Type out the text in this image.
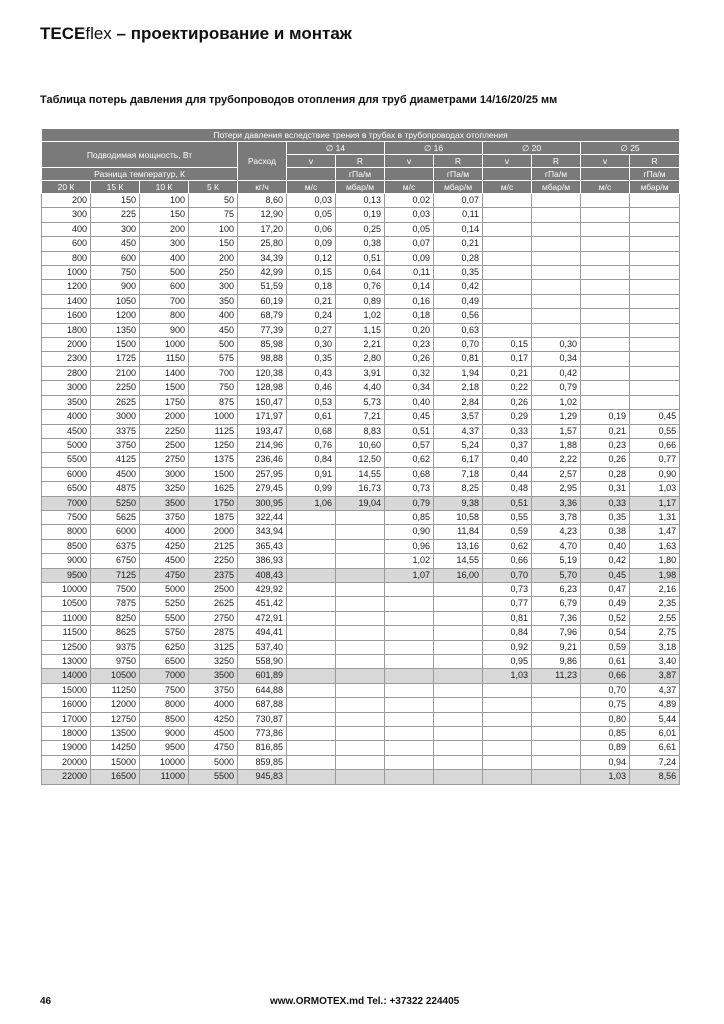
TECEflex – проектирование и монтаж
Таблица потерь давления для трубопроводов отопления для труб диаметрами 14/16/20/25 мм
Потери давления вследствие трения в трубах в трубопроводах отопления												
Подводимая мощность, Вт				Расход	∅ 14		∅ 16		∅ 20		∅ 25	
					v	R	v	R	v	R	v	R
Разница температур, К						гПа/м		гПа/м		гПа/м		гПа/м
20 К	15 К	10 К	5 К	кг/ч	м/с	мбар/м	м/с	мбар/м	м/с	мбар/м	м/с	мбар/м
200	150	100	50	8,60	0,03	0,13	0,02	0,07				
300	225	150	75	12,90	0,05	0,19	0,03	0,11				
400	300	200	100	17,20	0,06	0,25	0,05	0,14				
600	450	300	150	25,80	0,09	0,38	0,07	0,21				
800	600	400	200	34,39	0,12	0,51	0,09	0,28				
1000	750	500	250	42,99	0,15	0,64	0,11	0,35				
1200	900	600	300	51,59	0,18	0,76	0,14	0,42				
1400	1050	700	350	60,19	0,21	0,89	0,16	0,49				
1600	1200	800	400	68,79	0,24	1,02	0,18	0,56				
1800	1350	900	450	77,39	0,27	1,15	0,20	0,63				
2000	1500	1000	500	85,98	0,30	2,21	0,23	0,70	0,15	0,30		
2300	1725	1150	575	98,88	0,35	2,80	0,26	0,81	0,17	0,34		
2800	2100	1400	700	120,38	0,43	3,91	0,32	1,94	0,21	0,42		
3000	2250	1500	750	128,98	0,46	4,40	0,34	2,18	0,22	0,79		
3500	2625	1750	875	150,47	0,53	5,73	0,40	2,84	0,26	1,02		
4000	3000	2000	1000	171,97	0,61	7,21	0,45	3,57	0,29	1,29	0,19	0,45
4500	3375	2250	1125	193,47	0,68	8,83	0,51	4,37	0,33	1,57	0,21	0,55
5000	3750	2500	1250	214,96	0,76	10,60	0,57	5,24	0,37	1,88	0,23	0,66
5500	4125	2750	1375	236,46	0,84	12,50	0,62	6,17	0,40	2,22	0,26	0,77
6000	4500	3000	1500	257,95	0,91	14,55	0,68	7,18	0,44	2,57	0,28	0,90
6500	4875	3250	1625	279,45	0,99	16,73	0,73	8,25	0,48	2,95	0,31	1,03
7000	5250	3500	1750	300,95	1,06	19,04	0,79	9,38	0,51	3,36	0,33	1,17
7500	5625	3750	1875	322,44			0,85	10,58	0,55	3,78	0,35	1,31
8000	6000	4000	2000	343,94			0,90	11,84	0,59	4,23	0,38	1,47
8500	6375	4250	2125	365,43			0,96	13,16	0,62	4,70	0,40	1,63
9000	6750	4500	2250	386,93			1,02	14,55	0,66	5,19	0,42	1,80
9500	7125	4750	2375	408,43			1,07	16,00	0,70	5,70	0,45	1,98
10000	7500	5000	2500	429,92					0,73	6,23	0,47	2,16
10500	7875	5250	2625	451,42					0,77	6,79	0,49	2,35
11000	8250	5500	2750	472,91					0,81	7,36	0,52	2,55
11500	8625	5750	2875	494,41					0,84	7,96	0,54	2,75
12500	9375	6250	3125	537,40					0,92	9,21	0,59	3,18
13000	9750	6500	3250	558,90					0,95	9,86	0,61	3,40
14000	10500	7000	3500	601,89					1,03	11,23	0,66	3,87
15000	11250	7500	3750	644,88							0,70	4,37
16000	12000	8000	4000	687,88							0,75	4,89
17000	12750	8500	4250	730,87							0,80	5,44
18000	13500	9000	4500	773,86							0,85	6,01
19000	14250	9500	4750	816,85							0,89	6,61
20000	15000	10000	5000	859,85							0,94	7,24
22000	16500	11000	5500	945,83							1,03	8,56
46	www.ORMOTEX.md Tel.: +37322 224405
